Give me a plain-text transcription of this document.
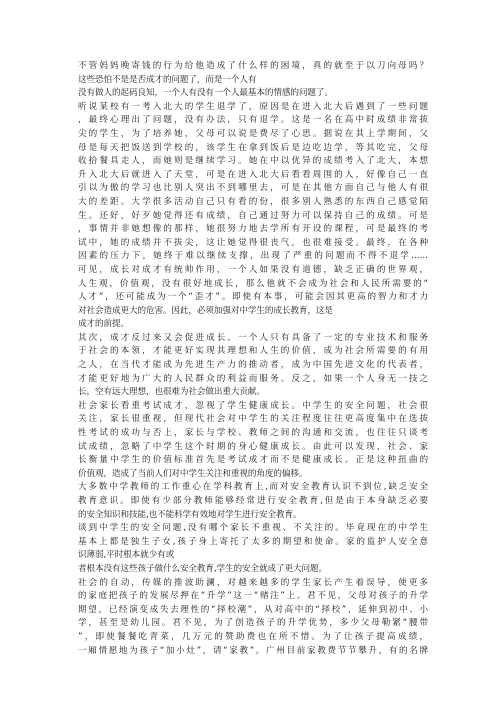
不管妈妈晚寄钱的行为给他造成了什么样的困境，真的就至于以刀向母吗？
这些恐怕不是是否成才的问题了，而是一个人有
没有做人的起码良知，一个人有没有一个人最基本的情感的问题了。
听说某校有一考入北大的学生退学了，原因是在进入北大后遇到了一些问题
，最终心理出了问题，没有办法，只有退学。这是一名在高中时成绩非常拔
尖的学生，为了培养她，父母可以说是费尽了心思。据说在其上学期间，父
母是每天把饭送到学校的，该学生在拿到饭后是边吃边学，等其吃完，父母
收拾餐具走人，而她则是继续学习。她在中以优异的成绩考入了北大，本想
升入北大后就进入了天堂，可是在进入北大后看看周围的人，好像自己一直
引以为傲的学习也比别人突出不到哪里去，可是在其他方面自己与他人有很
大的差距。大学很多活动自己只有看的份，很多别人熟悉的东西自己感觉陌
生。还好，好歹她觉得还有成绩，自己通过努力可以保持自己的成绩。可是
，事情并非她想像的那样，她很努力地去学所有开设的课程，可是最终的考
试中，她的成绩并不拔尖，这让她觉得很丧气，也很难接受。最终，在各种
因素的压力下，她终于难以继续支撑，出现了严重的问题而不得不退学……
可见，成长对成才有统帅作用，一个人如果没有道德，缺乏正确的世界观，
人生观，价值观，没有很好地成长，那么他就不会成为社会和人民所需要的“
人才”，还可能成为一个“歪才”。即使有本事，可能会因其更高的智力和才力
对社会造成更大的危害。因此，必须加强对中学生的成长教育，这是
成才的前提。
其次，成才反过来又会促进成长。一个人只有具备了一定的专业技术和服务
于社会的本领，才能更好实现其理想和人生的价值，成为社会所需要的有用
之人，在当代才能成为先进生产力的推动者，成为中国先进文化的代表者，
才能更好地为广大的人民群众的利益而服务。反之，如果一个人身无一技之
长，空有远大理想，也很难为社会做出重大贡献。
社会家长看重考试成才，忽视了学生健康成长。中学生的安全问题，社会很
关注，家长很重视，但现代社会对中学生的关注程度往往更高度集中在选拔
性考试的成功与否上，家长与学校、教师之间的沟通和交流，也往往只谈考
试成绩，忽略了中学生这个时期的身心健康成长。由此可以发现，社会、家
长衡量中学生的价值标准首先是考试成才而不是健康成长。正是这种扭曲的
价值观，造成了当前人们对中学生关注和重视的角度的偏移。
大多数中学教师的工作重心在学科教育上,而对安全教育认识不到位,缺乏安全
教育意识。即使有少部分教师能够经常进行安全教育,但是由于本身缺乏必要
的安全知识和技能,也不能科学有效地对学生进行安全教育。
谈到中学生的安全问题,没有哪个家长不重视、不关注的。毕竟现在的中学生
基本上都是独生子女,孩子身上寄托了太多的期望和使命。家的监护人安全意
识薄弱,平时根本就少有或
者根本没有这些孩子做什么安全教育,学生的安全就成了更大问题。
社会的自动，传媒的推波助澜，对越来越多的学生家长产生着误导，使更多
的家庭把孩子的发展尽押在“升学”这一“赌注”上。君不见，父母对孩子的升学
期望，已经演变成失去理性的“择校潮”，从对高中的“择校”，延伸到初中、小
学，甚至是幼儿园。君不见，为了创造孩子的升学优势，多少父母勒紧“腰带
”，即使餐餐吃青菜，几万元的赞助费也在所不惜。为了让孩子提高成绩，
一厢情愿地为孩子“加小灶”，请“家教”。广州目前家教费节节攀升，有的名牌
